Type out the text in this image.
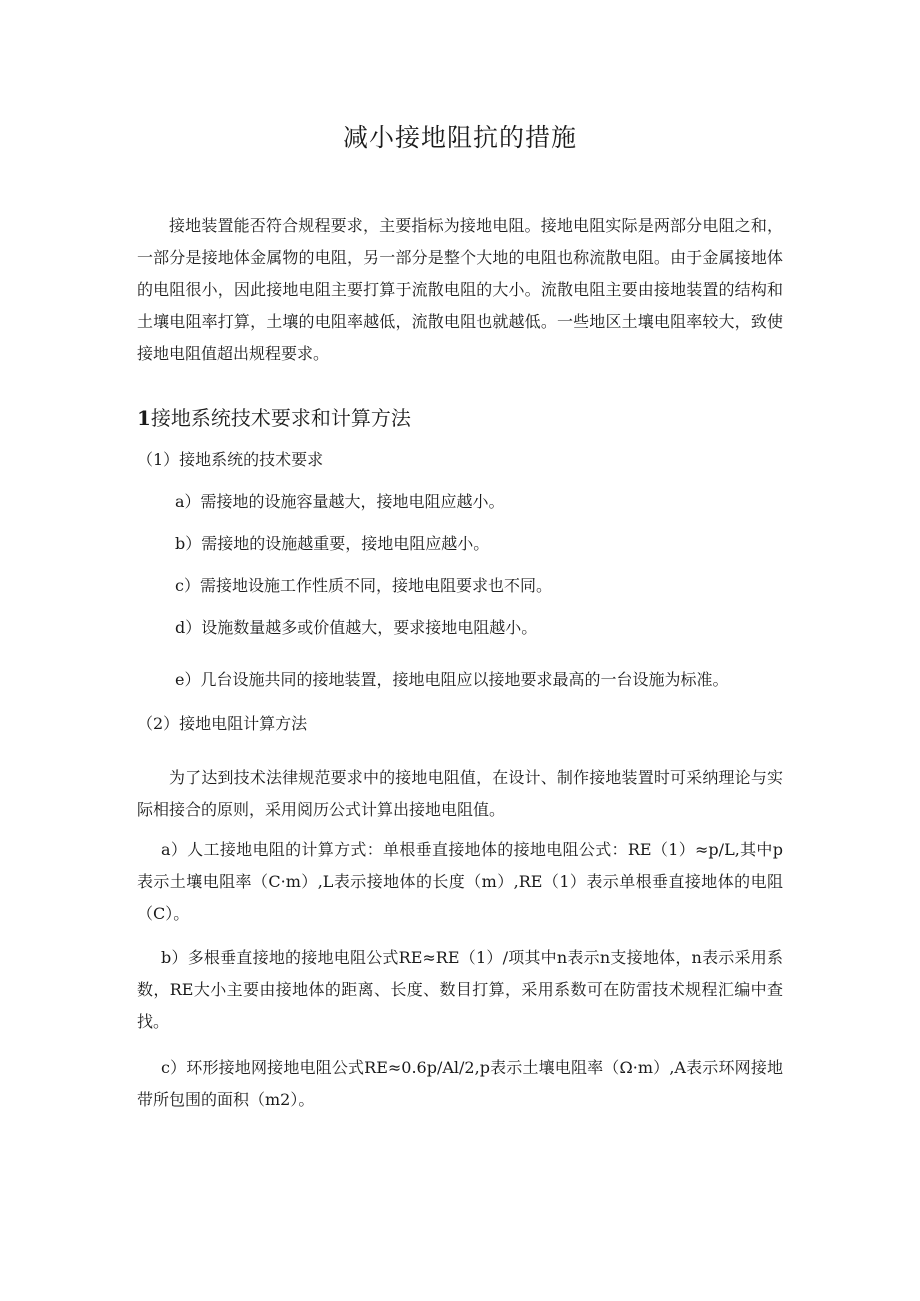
减小接地阻抗的措施

接地装置能否符合规程要求，主要指标为接地电阻。接地电阻实际是两部分电阻之和，一部分是接地体金属物的电阻，另一部分是整个大地的电阻也称流散电阻。由于金属接地体的电阻很小，因此接地电阻主要打算于流散电阻的大小。流散电阻主要由接地装置的结构和土壤电阻率打算，土壤的电阻率越低，流散电阻也就越低。一些地区土壤电阻率较大，致使接地电阻值超出规程要求。

1接地系统技术要求和计算方法

（1）接地系统的技术要求

a）需接地的设施容量越大，接地电阻应越小。

b）需接地的设施越重要，接地电阻应越小。

c）需接地设施工作性质不同，接地电阻要求也不同。

d）设施数量越多或价值越大，要求接地电阻越小。

e）几台设施共同的接地装置，接地电阻应以接地要求最高的一台设施为标准。

（2）接地电阻计算方法

为了达到技术法律规范要求中的接地电阻值，在设计、制作接地装置时可采纳理论与实际相接合的原则，采用阅历公式计算出接地电阻值。

a）人工接地电阻的计算方式：单根垂直接地体的接地电阻公式：RE（1）≈p/L,其中p表示土壤电阻率（C·m）,L表示接地体的长度（m）,RE（1）表示单根垂直接地体的电阻（C）。

b）多根垂直接地的接地电阻公式RE≈RE（1）/项其中n表示n支接地体，n表示采用系数，RE大小主要由接地体的距离、长度、数目打算，采用系数可在防雷技术规程汇编中查找。

c）环形接地网接地电阻公式RE≈0.6p/Al/2,p表示土壤电阻率（Ω·m）,A表示环网接地带所包围的面积（m2）。
